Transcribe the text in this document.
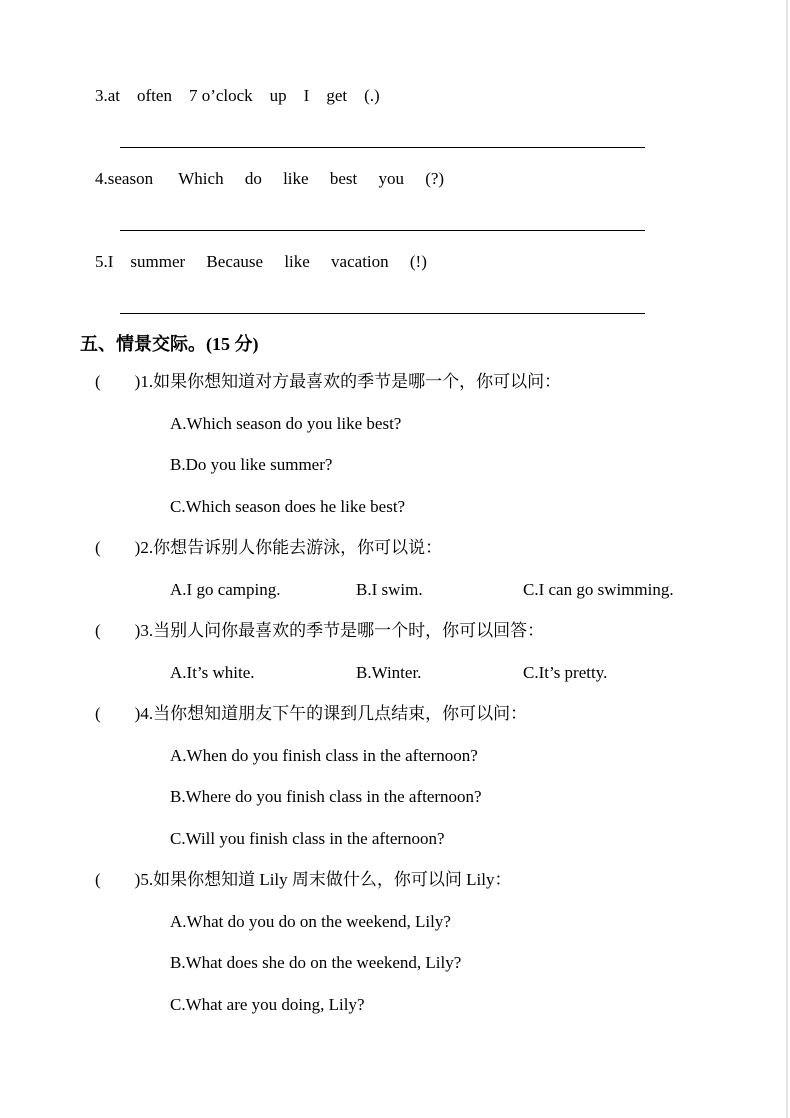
3.at    often    7 o’clock    up    I    get    (.)
4.season      Which     do     like     best     you     (?)
5.I    summer     Because     like     vacation     (!)
五、情景交际。(15 分)
(        )1.如果你想知道对方最喜欢的季节是哪一个，你可以问：
A.Which season do you like best?
B.Do you like summer?
C.Which season does he like best?
(        )2.你想告诉别人你能去游泳，你可以说：
A.I go camping.	B.I swim.	C.I can go swimming.
(        )3.当别人问你最喜欢的季节是哪一个时，你可以回答：
A.It’s white.	B.Winter.	C.It’s pretty.
(        )4.当你想知道朋友下午的课到几点结束，你可以问：
A.When do you finish class in the afternoon?
B.Where do you finish class in the afternoon?
C.Will you finish class in the afternoon?
(        )5.如果你想知道 Lily 周末做什么，你可以问 Lily：
A.What do you do on the weekend, Lily?
B.What does she do on the weekend, Lily?
C.What are you doing, Lily?
